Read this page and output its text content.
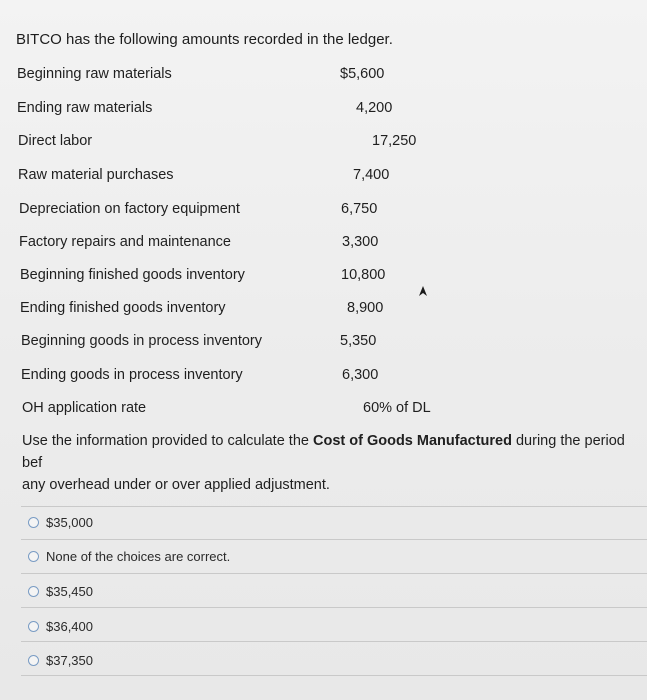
BITCO has the following amounts recorded in the ledger.
Beginning raw materials	$5,600
Ending raw materials	4,200
Direct labor	17,250
Raw material purchases	7,400
Depreciation on factory equipment	6,750
Factory repairs and maintenance	3,300
Beginning finished goods inventory	10,800
Ending finished goods inventory	8,900
Beginning goods in process inventory	5,350
Ending goods in process inventory	6,300
OH application rate	60% of DL
Use the information provided to calculate the Cost of Goods Manufactured during the period bef
any overhead under or over applied adjustment.
$35,000
None of the choices are correct.
$35,450
$36,400
$37,350
